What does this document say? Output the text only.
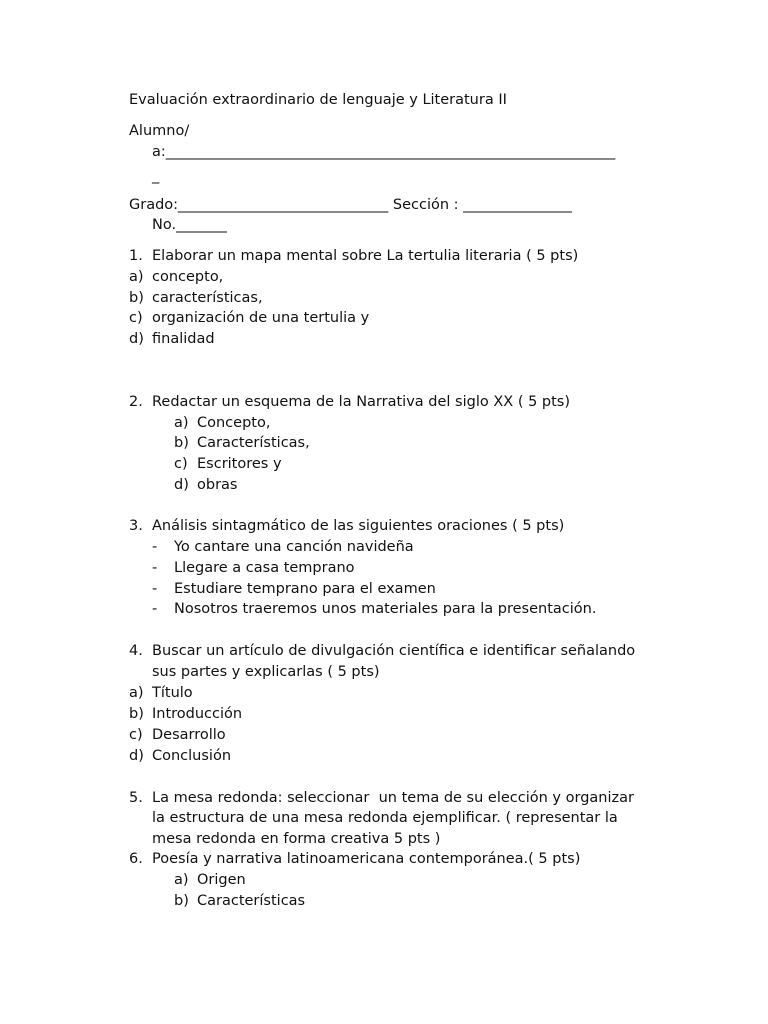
Evaluación extraordinario de lenguaje y Literatura II
Alumno/
a:______________________________________________________________
_
Grado:_____________________________ Sección : _______________
No._______
1. Elaborar un mapa mental sobre La tertulia literaria ( 5 pts)
a) concepto,
b) características,
c) organización de una tertulia y
d) finalidad
2. Redactar un esquema de la Narrativa del siglo XX ( 5 pts)
a) Concepto,
b) Características,
c) Escritores y
d) obras
3. Análisis sintagmático de las siguientes oraciones ( 5 pts)
- Yo cantare una canción navideña
- Llegare a casa temprano
- Estudiare temprano para el examen
- Nosotros traeremos unos materiales para la presentación.
4. Buscar un artículo de divulgación científica e identificar señalando
sus partes y explicarlas ( 5 pts)
a) Título
b) Introducción
c) Desarrollo
d) Conclusión
5. La mesa redonda: seleccionar  un tema de su elección y organizar
la estructura de una mesa redonda ejemplificar. ( representar la
mesa redonda en forma creativa 5 pts )
6. Poesía y narrativa latinoamericana contemporánea.( 5 pts)
a) Origen
b) Características
